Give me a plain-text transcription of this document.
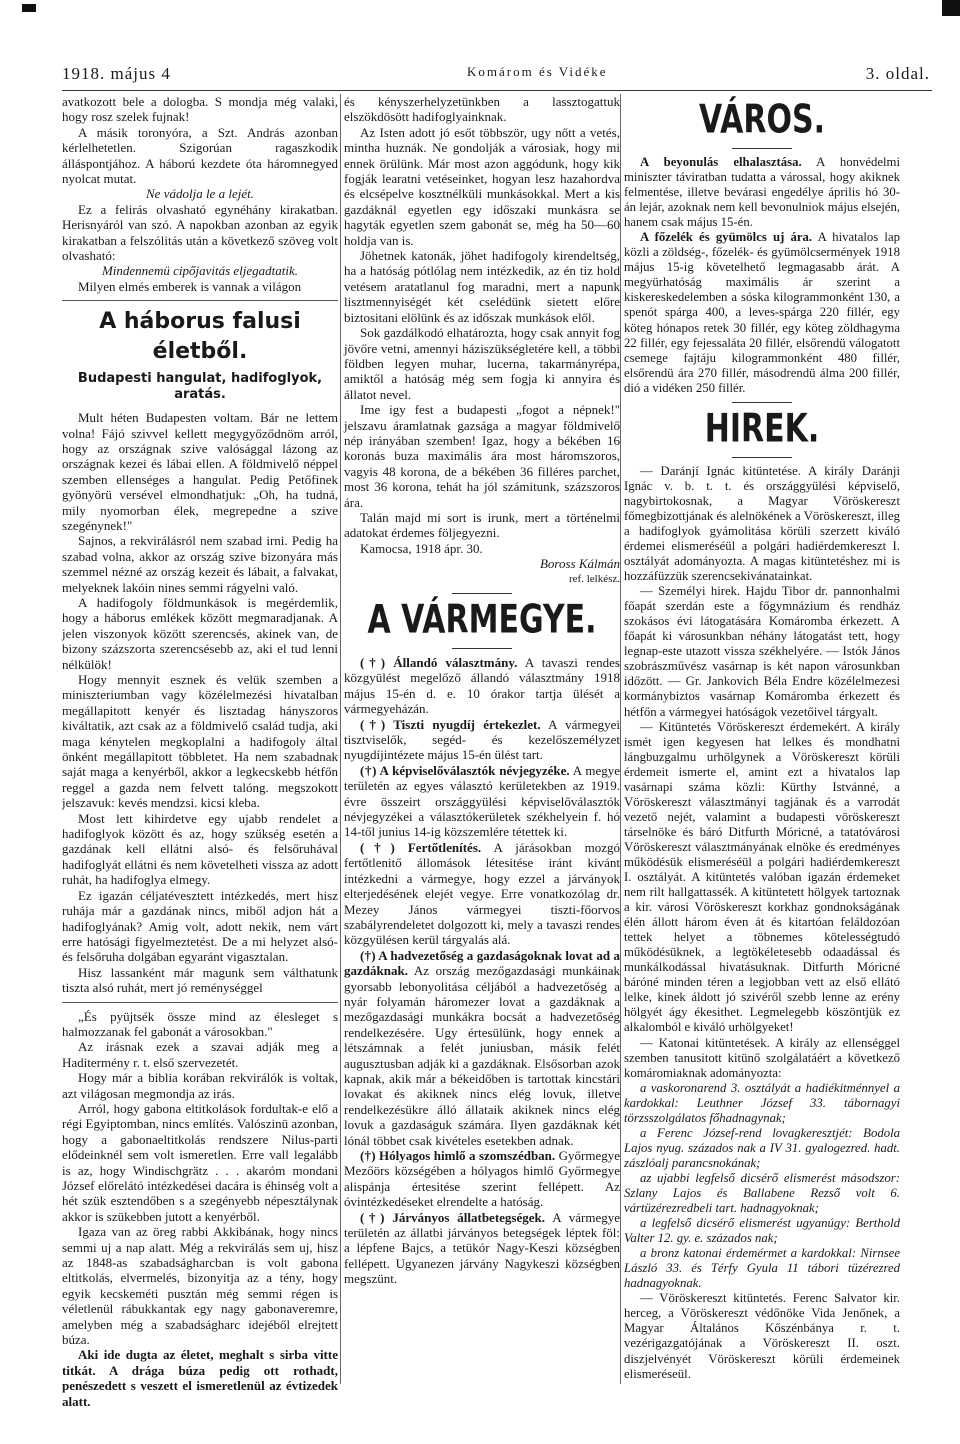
1918. május 4	Komárom és Vidéke	3. oldal.

avatkozott bele a dologba. S mondja még valaki, hogy rosz szelek fujnak!

A másik toronyóra, a Szt. András azonban kérlelhetetlen. Szigorúan ragaszkodik álláspontjához. A háború kezdete óta háromnegyed nyolcat mutat.

Ne vádolja le a lejét.

Ez a felirás olvasható egynéhány kirakatban. Herisnyáról van szó. A napokban azonban az egyik kirakatban a felszólitás után a következő szöveg volt olvasható:

Mindennemü cipőjavitás eljegadtatik.

Milyen elmés emberek is vannak a világon

A háborus falusi életből.
Budapesti hangulat, hadifoglyok, aratás.

Mult héten Budapesten voltam. Bár ne lettem volna! Fájó szivvel kellett megygyőződnöm arról, hogy az országnak szive valósággal lázong az országnak kezei és lábai ellen. A földmivelő néppel szemben ellenséges a hangulat. Pedig Petőfinek gyönyörü versével elmondhatjuk: „Oh, ha tudná, mily nyomorban élek, megrepedne a szive szegénynek!"

Sajnos, a rekvirálásról nem szabad irni. Pedig ha szabad volna, akkor az ország szive bizonyára más szemmel nézné az ország kezeit és lábait, a falvakat, melyeknek lakóin nines semmi rágyelni való.

A hadifogoly földmunkások is megérdemlik, hogy a háborus emlékek között megmaradjanak. A jelen viszonyok között szerencsés, akinek van, de bizony százszorta szerencsésebb az, aki el tud lenni nélkülök!

Hogy mennyit esznek és velük szemben a miniszteriumban vagy közélelmezési hivatalban megállapitott kenyér és lisztadag hányszoros kiváltatik, azt csak az a földmivelő család tudja, aki maga kénytelen megkoplalni a hadifogoly által önként megállapitott többletet. Ha nem szabadnak saját maga a kenyérből, akkor a legkecskebb hétfőn reggel a gazda nem felvett talóng. megszokott jelszavuk: kevés mendzsi. kicsi kleba.

Most lett kihirdetve egy ujabb rendelet a hadifoglyok között és az, hogy szükség esetén a gazdának kell ellátni alsó- és felsőruhával hadifoglyát ellátni és nem követelheti vissza az adott ruhát, ha hadifoglya elmegy.

Ez igazán céljatévesztett intézkedés, mert hisz ruhája már a gazdának nincs, miből adjon hát a hadifoglyának? Amig volt, adott nekik, nem várt erre hatósági figyelmeztetést. De a mi helyzet alsó- és felsőruha dolgában egyaránt vigasztalan.

Hisz lassanként már magunk sem válthatunk tiszta alsó ruhát, mert jó reménységgel

„És pyüjtsék össze mind az élesleget s halmozzanak fel gabonát a városokban."

Az irásnak ezek a szavai adják meg a Haditermény r. t. első szervezetét.

Hogy már a biblia korában rekvirálók is voltak, azt világosan megmondja az irás.

Arról, hogy gabona eltitkolások fordultak-e elő a régi Egyiptomban, nincs említés. Valószinü azonban, hogy a gabonaeltitkolás rendszere Nilus-parti elődeinknél sem volt ismeretlen. Erre vall legalább is az, hogy Windischgrätz . . . akaróm mondani József előrelátó intézkedései dacára is éhinség volt a hét szük esztendőben s a szegényebb népesztálynak akkor is szükebben jutott a kenyérből.

Igaza van az öreg rabbi Akkibának, hogy nincs semmi uj a nap alatt. Még a rekvirálás sem uj, hisz az 1848-as szabadságharcban is volt gabona eltitkolás, elvermelés, bizonyitja az a tény, hogy egyik kecskeméti pusztán még semmi régen is véletlenül rábukkantak egy nagy gabonaveremre, amelyben még a szabadságharc idejéből elrejtett búza.

Aki ide dugta az életet, meghalt s sirba vitte titkát. A drága búza pedig ott rothadt, penészedett s veszett el ismeretlenül az évtizedek alatt.

és kényszerhelyzetünkben a lassztogattuk elszökdösött hadifoglyainknak.

Az Isten adott jó esőt többször, ugy nőtt a vetés, mintha huznák. Ne gondolják a városiak, hogy mi ennek örülünk. Már most azon aggódunk, hogy kik fogják learatni vetéseinket, hogyan lesz hazahordva és elcsépelve kosztnélküli munkásokkal. Mert a kis gazdáknál egyetlen egy időszaki munkásra se hagyták egyetlen szem gabonát se, még ha 50—60 holdja van is.

Jöhetnek katonák, jöhet hadifogoly kirendeltség, ha a hatóság pótlólag nem intézkedik, az én tiz hold vetésem aratatlanul fog maradni, mert a napunk lisztmennyiségét két cselédünk sietett előre biztositani elölünk és az időszak munkások elől.

Sok gazdálkodó elhatározta, hogy csak annyit fog jövőre vetni, amennyi háziszükségletére kell, a többi földben legyen muhar, lucerna, takarmányrépa, amiktől a hatóság még sem fogja ki annyira és állatot nevel.

Ime igy fest a budapesti „fogot a népnek!" jelszavu áramlatnak gazsága a magyar földmivelő nép irányában szemben! Igaz, hogy a békében 16 koronás buza maximális ára most háromszoros, vagyis 48 korona, de a békében 36 filléres parchet, most 36 korona, tehát ha jól számitunk, százszoros ára.

Talán majd mi sort is irunk, mert a történelmi adatokat érdemes följegyezni.

Kamocsa, 1918 ápr. 30.

Boross Kálmán

ref. lelkész.

A VÁRMEGYE.

(†) Állandó választmány. A tavaszi rendes közgyülést megelőző állandó választmány 1918 május 15-én d. e. 10 órakor tartja ülését a vármegyeházán.

(†) Tiszti nyugdíj értekezlet. A vármegyei tisztviselők, segéd- és kezelőszemélyzet nyugdíjintézete május 15-én ülést tart.

(†) A képviselőválasztók névjegyzéke. A megye területén az egyes választó kerületekben az 1919. évre összeirt országgyülési képviselőválasztók névjegyzékei a választókerületek székhelyein f. hó 14-től junius 14-ig közszemlére tétettek ki.

(†) Fertőtlenítés. A járásokban mozgó fertőtlenitő állomások létesitése iránt kivánt intézkedni a vármegye, hogy ezzel a járványok elterjedésének elejét vegye. Erre vonatkozólag dr. Mezey János vármegyei tiszti-főorvos szabályrendeletet dolgozott ki, mely a tavaszi rendes közgyülésen kerül tárgyalás alá.

(†) A hadvezetőség a gazdaságoknak lovat ad a gazdáknak. Az ország mezőgazdasági munkáinak gyorsabb lebonyolitása céljából a hadvezetőség a nyár folyamán háromezer lovat a gazdáknak a mezőgazdasági munkákra bocsát a hadvezetőség rendelkezésére. Ugy értesülünk, hogy ennek a létszámnak a felét juniusban, másik felét augusztusban adják ki a gazdáknak. Elsősorban azok kapnak, akik már a békeidőben is tartottak kincstári lovakat és akiknek nincs elég lovuk, illetve rendelkezésükre álló állataik akiknek nincs elég lovuk a gazdaságuk számára. Ilyen gazdáknak két lónál többet csak kivételes esetekben adnak.

(†) Hólyagos himlő a szomszédban. Győrmegye Mezőörs községében a hólyagos himlő Győrmegye alispánja értesitése szerint fellépett. Az óvintézkedéseket elrendelte a hatóság.

(†) Járványos állatbetegségek. A vármegye területén az állatbi járványos betegségek léptek föl: a lépfene Bajcs, a tetükór Nagy-Keszi községben fellépett. Ugyanezen járvány Nagykeszi községben megszünt.

VÁROS.

A beyonulás elhalasztása. A honvédelmi miniszter táviratban tudatta a várossal, hogy akiknek felmentése, illetve bevárasi engedélye április hó 30-án lejár, azoknak nem kell bevonulniok május elsején, hanem csak május 15-én.

A főzelék és gyümölcs uj ára. A hivatalos lap közli a zöldség-, főzelék- és gyümölcsermények 1918 május 15-ig követelhető legmagasabb árát. A megyürhatóság maximális ár szerint a kiskereskedelemben a sóska kilogrammonként 130, a spenót spárga 400, a leves-spárga 220 fillér, egy köteg hónapos retek 30 fillér, egy köteg zöldhagyma 22 fillér, egy fejessaláta 20 fillér, elsőrendü válogatott csemege fajtáju kilogrammonként 480 fillér, elsőrendü ára 270 fillér, másodrendü álma 200 fillér, dió a vidéken 250 fillér.

HIREK.

— Daránjí Ignác kitüntetése. A király Daránji Ignác v. b. t. t. és országgyülési képviselő, nagybirtokosnak, a Magyar Vöröskereszt főmegbizottjának és alelnökének a Vöröskereszt, illeg a hadifoglyok gyámolitása körüli szerzett kiváló érdemei elismeréséül a polgári hadiérdemkereszt I. osztályát adományozta. A magas kitüntetéshez mi is hozzáfüzzük szerencsekivánatainkat.

— Személyi hirek. Hajdu Tibor dr. pannonhalmi főapát szerdán este a főgymnázium és rendház szokásos évi látogatására Komáromba érkezett. A főapát ki városunkban néhány látogatást tett, hogy legnap-este utazott vissza székhelyére. — Istók János szobrászművész vasárnap is két napon városunkban időzött. — Gr. Jankovich Béla Endre közélelmezesi kormánybiztos vasárnap Komáromba érkezett és hétfőn a vármegyei hatóságok vezetőivel tárgyalt.

— Kitüntetés Vöröskereszt érdemekért. A király ismét igen kegyesen hat lelkes és mondhatni lángbuzgalmu urhölgynek a Vöröskereszt körüli érdemeit ismerte el, amint ezt a hivatalos lap vasárnapi száma közli: Kürthy Istvánné, a Vöröskereszt választmányi tagjának és a varrodát vezető nejét, valamint a budapesti vöröskereszt társelnöke és báró Ditfurth Móricné, a tatatóvárosi Vöröskereszt választmányának elnöke és eredményes működésük elismeréséül a polgári hadiérdemkereszt I. osztályát. A kitüntetés valóban igazán érdemeket nem rilt hallgattassék. A kitüntetett hölgyek tartoznak a kir. városi Vöröskereszt korkhaz gondnokságának élén állott három éven át és kitartóan feláldozóan tettek helyet a töbnemes kötelességtudó működésüknek, a legtökéletesebb odaadással és munkálkodással hivatásuknak. Ditfurth Móricné báróné minden téren a legjobban vett az első ellátó lelke, kinek áldott jó szivéről szebb lenne az erény hölgyét ágy ékesithet. Legmelegebb köszöntjük ez alkalomból e kiváló urhölgyeket!

— Katonai kitüntetések. A király az ellenséggel szemben tanusitott kitünő szolgálatáért a következő komáromiaknak adományozta:

a vaskoronarend 3. osztályát a hadiékitménnyel a kardokkal: Leuthner József 33. tábornagyi törzsszolgálatos főhadnagynak;

a Ferenc József-rend lovagkeresztjét: Bodola Lajos nyug. százados nak a IV 31. gyalogezred. hadt. zászlóalj parancsnokának;

az ujabbi legfelső dicsérő elismerést másodszor: Szlany Lajos és Ballabene Rezső volt 6. vártüzérezredbeli tart. hadnagyoknak;

a legfelső dicsérő elismerést ugyanúgy: Berthold Valter 12. gy. e. százados nak;

a bronz katonai érdemérmet a kardokkal: Nirnsee László 33. és Térfy Gyula 11 tábori tüzérezred hadnagyoknak.

— Vöröskereszt kitüntetés. Ferenc Salvator kir. herceg, a Vöröskereszt védőnöke Vida Jenőnek, a Magyar Általános Kőszénbánya r. t. vezérigazgatójának a Vöröskereszt II. oszt. diszjelvényét Vöröskereszt körüli érdemeinek elismeréseül.
